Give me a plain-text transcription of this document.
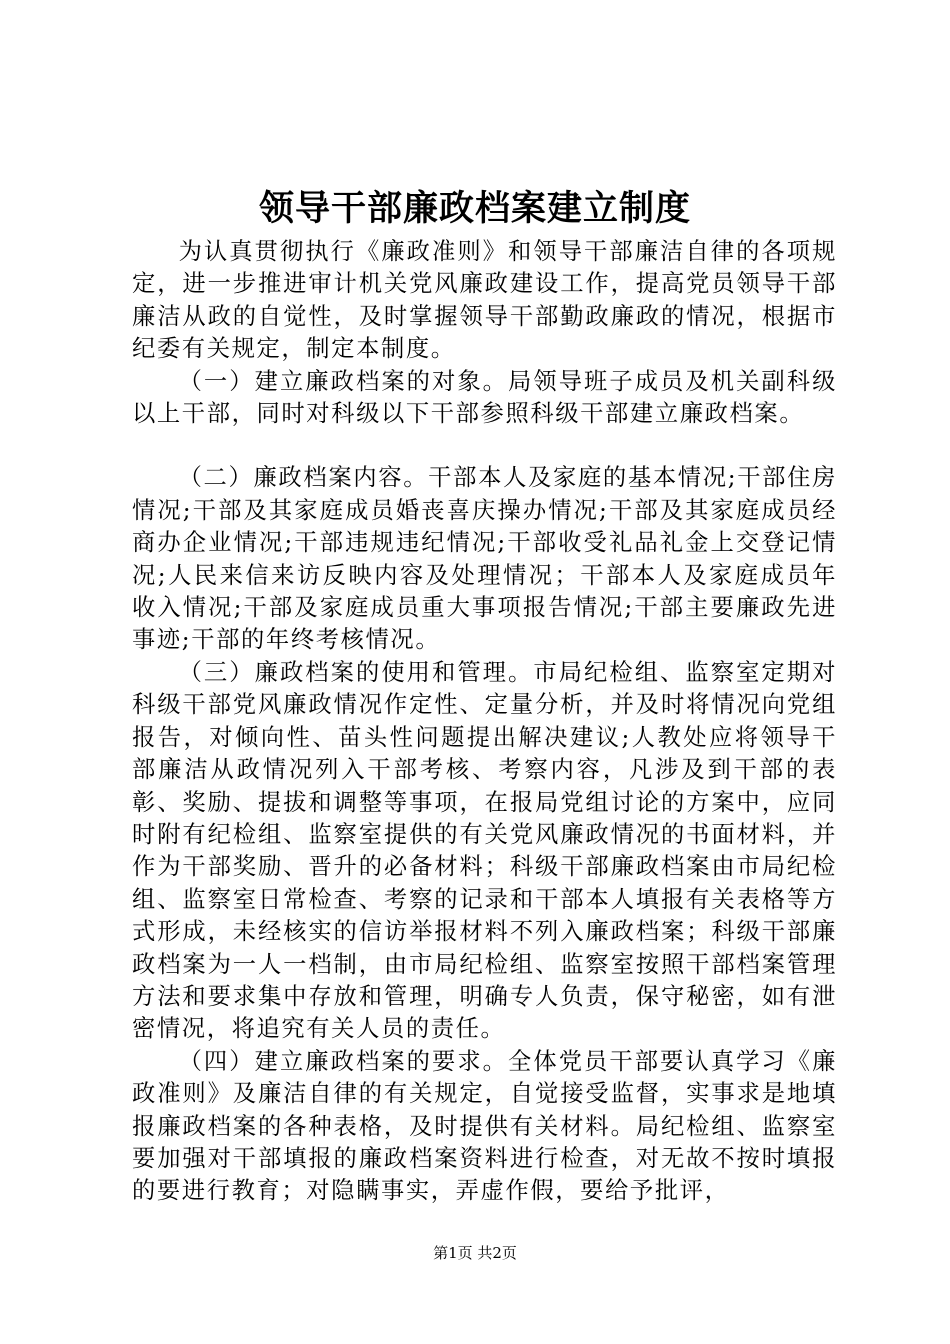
领导干部廉政档案建立制度

为认真贯彻执行《廉政准则》和领导干部廉洁自律的各项规定，进一步推进审计机关党风廉政建设工作，提高党员领导干部廉洁从政的自觉性，及时掌握领导干部勤政廉政的情况，根据市纪委有关规定，制定本制度。

（一）建立廉政档案的对象。局领导班子成员及机关副科级以上干部，同时对科级以下干部参照科级干部建立廉政档案。

（二）廉政档案内容。干部本人及家庭的基本情况;干部住房情况;干部及其家庭成员婚丧喜庆操办情况;干部及其家庭成员经商办企业情况;干部违规违纪情况;干部收受礼品礼金上交登记情况;人民来信来访反映内容及处理情况；干部本人及家庭成员年收入情况;干部及家庭成员重大事项报告情况;干部主要廉政先进事迹;干部的年终考核情况。

（三）廉政档案的使用和管理。市局纪检组、监察室定期对科级干部党风廉政情况作定性、定量分析，并及时将情况向党组报告，对倾向性、苗头性问题提出解决建议;人教处应将领导干部廉洁从政情况列入干部考核、考察内容，凡涉及到干部的表彰、奖励、提拔和调整等事项，在报局党组讨论的方案中，应同时附有纪检组、监察室提供的有关党风廉政情况的书面材料，并作为干部奖励、晋升的必备材料；科级干部廉政档案由市局纪检组、监察室日常检查、考察的记录和干部本人填报有关表格等方式形成，未经核实的信访举报材料不列入廉政档案；科级干部廉政档案为一人一档制，由市局纪检组、监察室按照干部档案管理方法和要求集中存放和管理，明确专人负责，保守秘密，如有泄密情况，将追究有关人员的责任。

（四）建立廉政档案的要求。全体党员干部要认真学习《廉政准则》及廉洁自律的有关规定，自觉接受监督，实事求是地填报廉政档案的各种表格，及时提供有关材料。局纪检组、监察室要加强对干部填报的廉政档案资料进行检查，对无故不按时填报的要进行教育；对隐瞒事实，弄虚作假，要给予批评，

第1页 共2页
